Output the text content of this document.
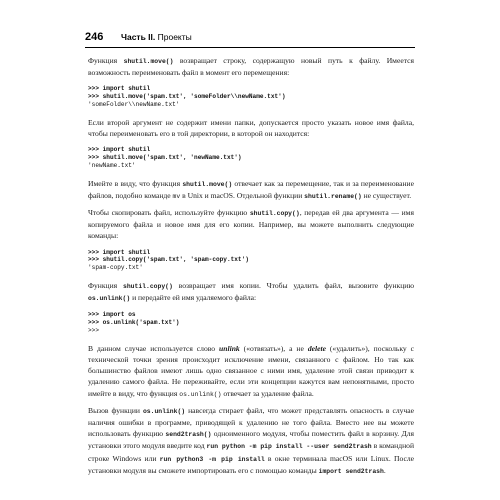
246 Часть II. Проекты

Функция shutil.move() возвращает строку, содержащую новый путь к файлу. Имеется возможность переименовать файл в момент его перемещения:

>>> import shutil
>>> shutil.move('spam.txt', 'someFolder\\newName.txt')
'someFolder\\newName.txt'

Если второй аргумент не содержит имени папки, допускается просто указать новое имя файла, чтобы переименовать его в той директории, в которой он находится:

>>> import shutil
>>> shutil.move('spam.txt', 'newName.txt')
'newName.txt'

Имейте в виду, что функция shutil.move() отвечает как за перемещение, так и за переименование файлов, подобно команде mv в Unix и macOS. Отдельной функции shutil.rename() не существует.

Чтобы скопировать файл, используйте функцию shutil.copy(), передав ей два аргумента — имя копируемого файла и новое имя для его копии. Например, вы можете выполнить следующие команды:

>>> import shutil
>>> shutil.copy('spam.txt', 'spam-copy.txt')
'spam-copy.txt'

Функция shutil.copy() возвращает имя копии. Чтобы удалить файл, вызовите функцию os.unlink() и передайте ей имя удаляемого файла:

>>> import os
>>> os.unlink('spam.txt')
>>>

В данном случае используется слово unlink («отвязать»), а не delete («удалить»), поскольку с технической точки зрения происходит исключение имени, связанного с файлом. Но так как большинство файлов имеют лишь одно связанное с ними имя, удаление этой связи приводит к удалению самого файла. Не переживайте, если эти концепции кажутся вам непонятными, просто имейте в виду, что функция os.unlink() отвечает за удаление файла.

Вызов функции os.unlink() навсегда стирает файл, что может представлять опасность в случае наличия ошибки в программе, приводящей к удалению не того файла. Вместо нее вы можете использовать функцию send2trash() одноименного модуля, чтобы поместить файл в корзину. Для установки этого модуля введите код run python -m pip install --user send2trash в командной строке Windows или run python3 -m pip install в окне терминала macOS или Linux. После установки модуля вы сможете импортировать его с помощью команды import send2trash.
